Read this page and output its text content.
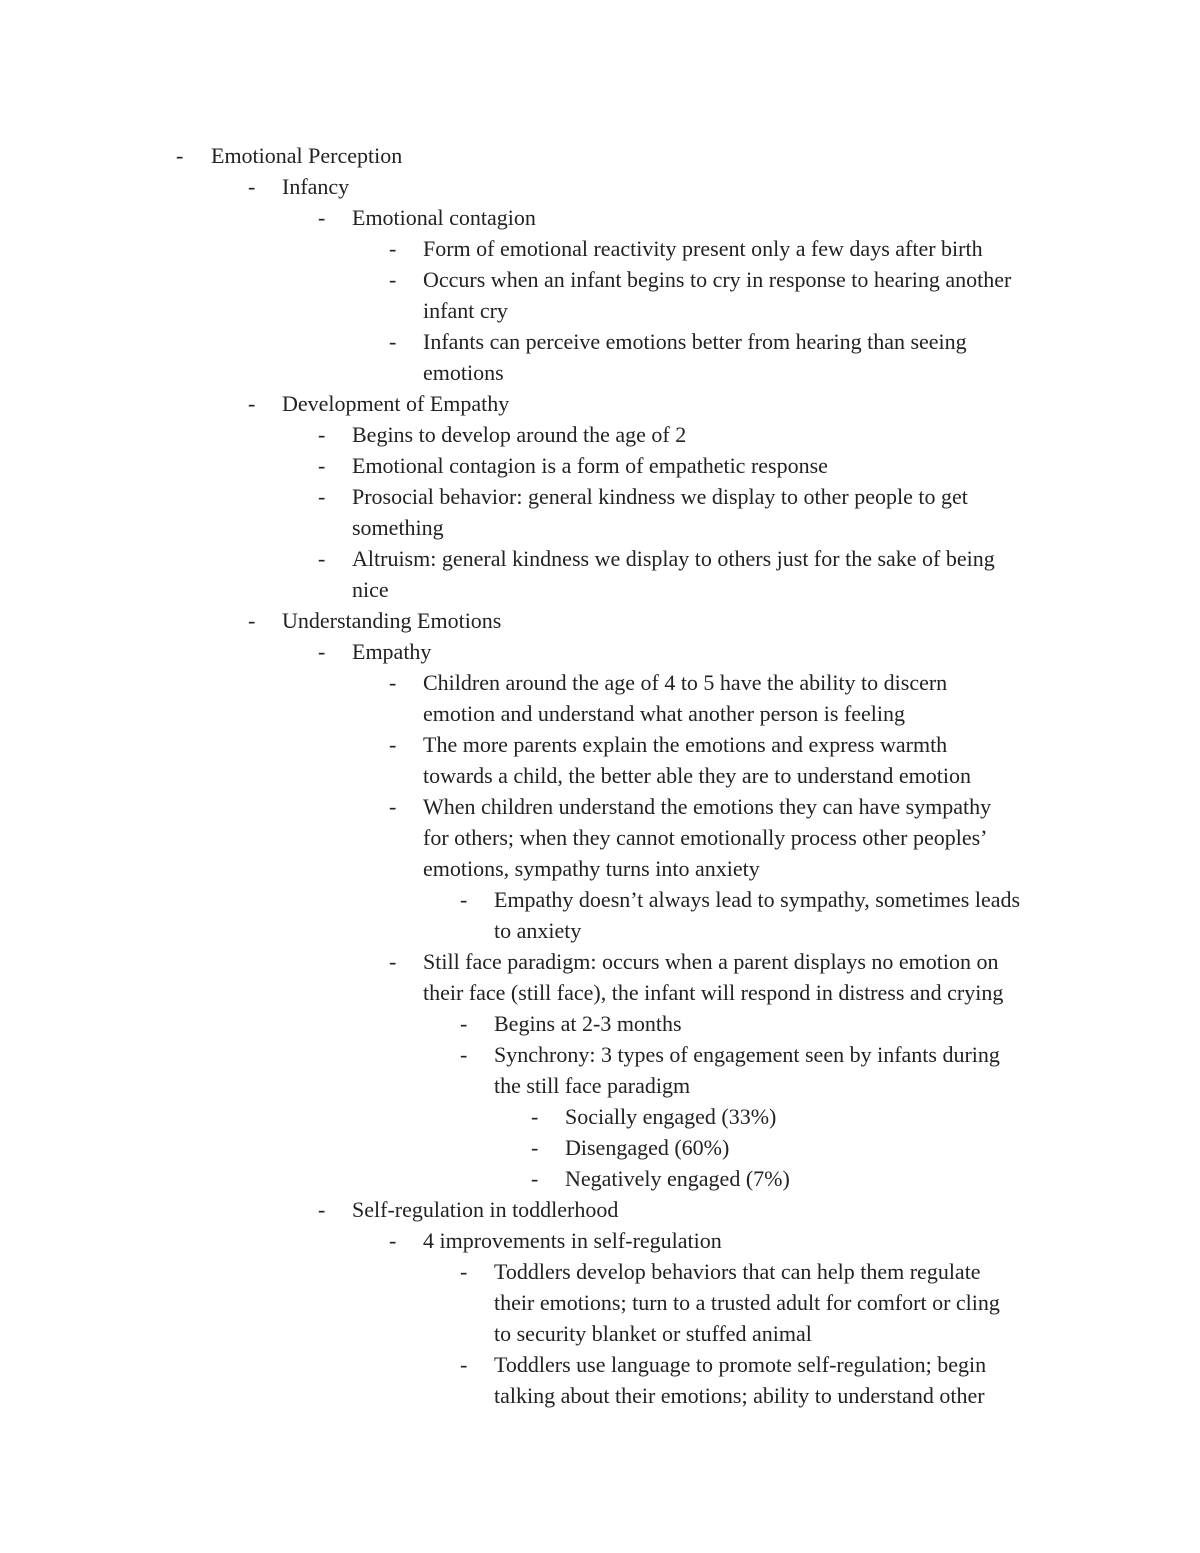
-	Emotional Perception
-	Infancy
-	Emotional contagion
-	Form of emotional reactivity present only a few days after birth
-	Occurs when an infant begins to cry in response to hearing another
infant cry
-	Infants can perceive emotions better from hearing than seeing
emotions
-	Development of Empathy
-	Begins to develop around the age of 2
-	Emotional contagion is a form of empathetic response
-	Prosocial behavior: general kindness we display to other people to get
something
-	Altruism: general kindness we display to others just for the sake of being
nice
-	Understanding Emotions
-	Empathy
-	Children around the age of 4 to 5 have the ability to discern
emotion and understand what another person is feeling
-	The more parents explain the emotions and express warmth
towards a child, the better able they are to understand emotion
-	When children understand the emotions they can have sympathy
for others; when they cannot emotionally process other peoples’
emotions, sympathy turns into anxiety
-	Empathy doesn’t always lead to sympathy, sometimes leads
to anxiety
-	Still face paradigm: occurs when a parent displays no emotion on
their face (still face), the infant will respond in distress and crying
-	Begins at 2-3 months
-	Synchrony: 3 types of engagement seen by infants during
the still face paradigm
-	Socially engaged (33%)
-	Disengaged (60%)
-	Negatively engaged (7%)
-	Self-regulation in toddlerhood
-	4 improvements in self-regulation
-	Toddlers develop behaviors that can help them regulate
their emotions; turn to a trusted adult for comfort or cling
to security blanket or stuffed animal
-	Toddlers use language to promote self-regulation; begin
talking about their emotions; ability to understand other
